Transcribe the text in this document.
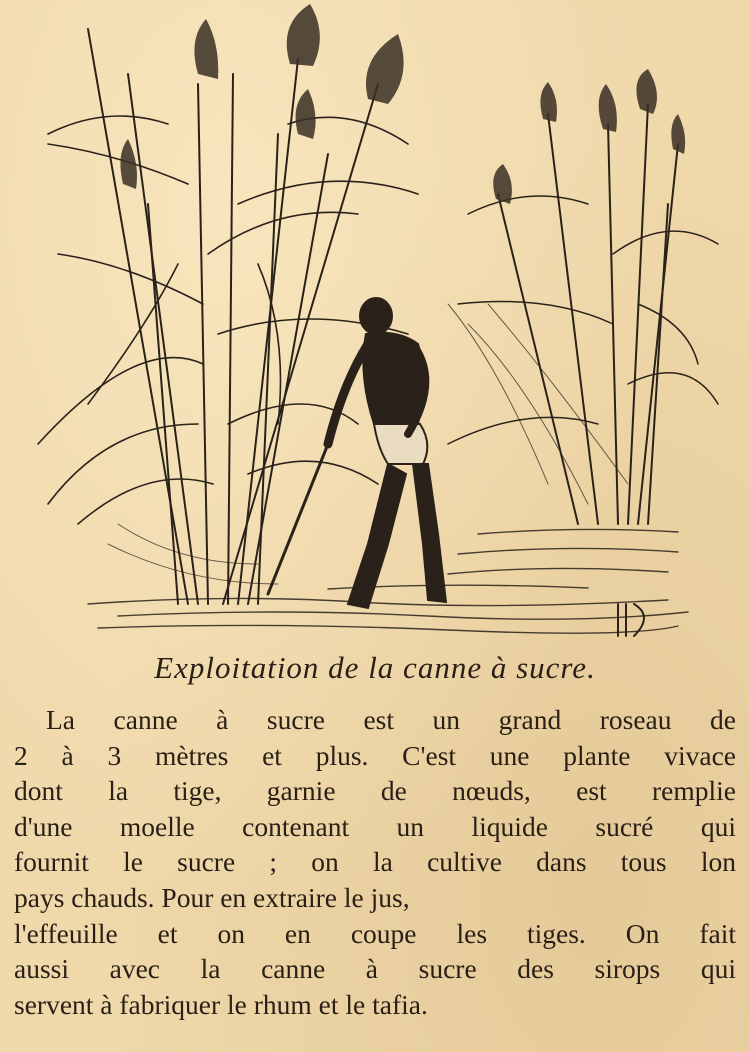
Exploitation de la canne à sucre.
La canne à sucre est un grand roseau de
2 à 3 mètres et plus. C'est une plante vivace
dont la tige, garnie de nœuds, est remplie
d'une moelle contenant un liquide sucré qui
fournit le sucre ; on la cultive dans tous lon
pays chauds. Pour en extraire le jus,
l'effeuille et on en coupe les tiges. On fait
aussi avec la canne à sucre des sirops qui
servent à fabriquer le rhum et le tafia.
